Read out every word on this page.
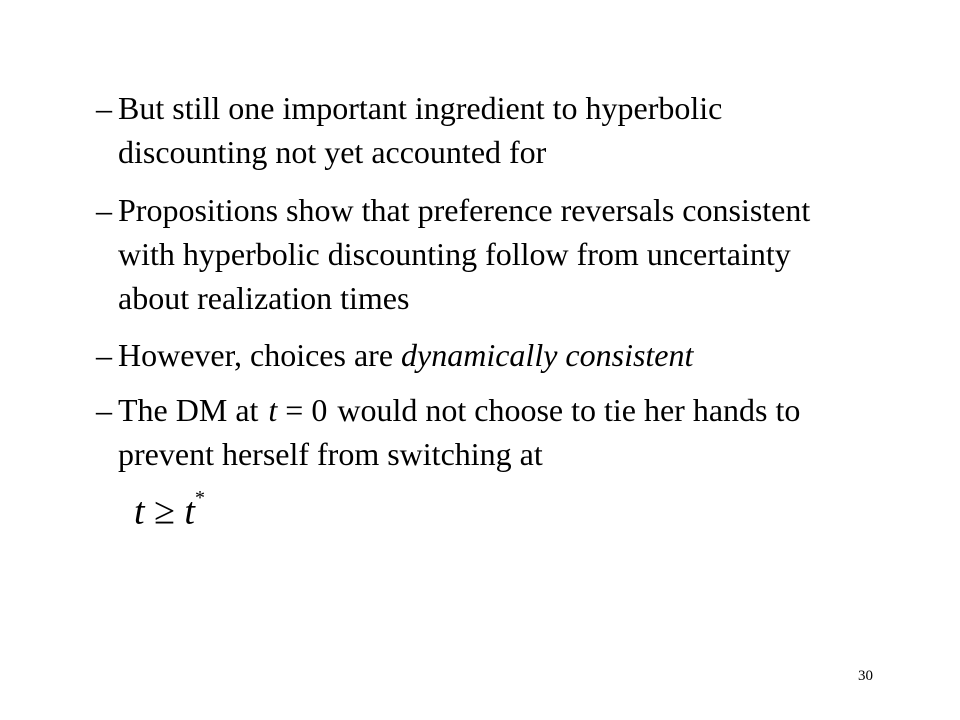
– But still one important ingredient to hyperbolic discounting not yet accounted for
– Propositions show that preference reversals consistent with hyperbolic discounting follow from uncertainty about realization times
– However, choices are dynamically consistent
– The DM at t = 0 would not choose to tie her hands to prevent herself from switching at
t ≥ t*
30
